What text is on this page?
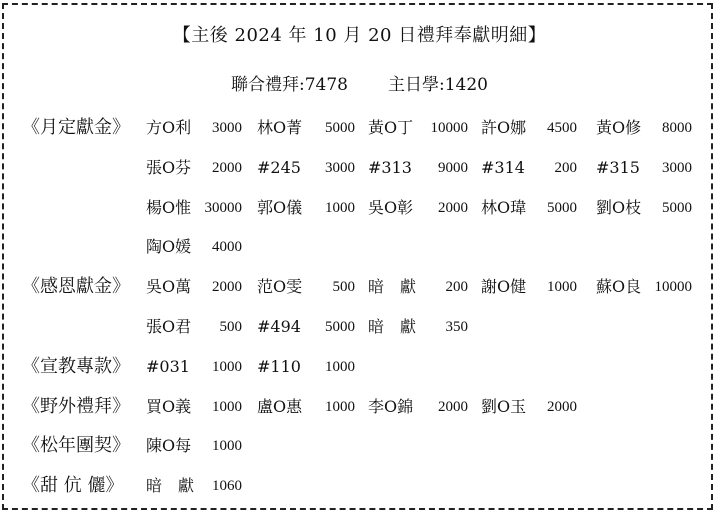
【主後 2024 年 10 月 20 日禮拜奉獻明細】
聯合禮拜:7478 主日學:1420
《月定獻金》 方O利 3000 林O菁 5000 黃O丁 10000 許O娜 4500 黃O修 8000
張O芬 2000 #245 3000 #313 9000 #314 200 #315 3000
楊O惟 30000 郭O儀 1000 吳O彰 2000 林O瑋 5000 劉O枝 5000
陶O媛 4000
《感恩獻金》 吳O萬 2000 范O雯 500 暗　獻 200 謝O健 1000 蘇O良 10000
張O君 500 #494 5000 暗　獻 350
《宣教專款》 #031 1000 #110 1000
《野外禮拜》 買O義 1000 盧O惠 1000 李O錦 2000 劉O玉 2000
《松年團契》 陳O每 1000
《甜 伉 儷》 暗　獻 1060
